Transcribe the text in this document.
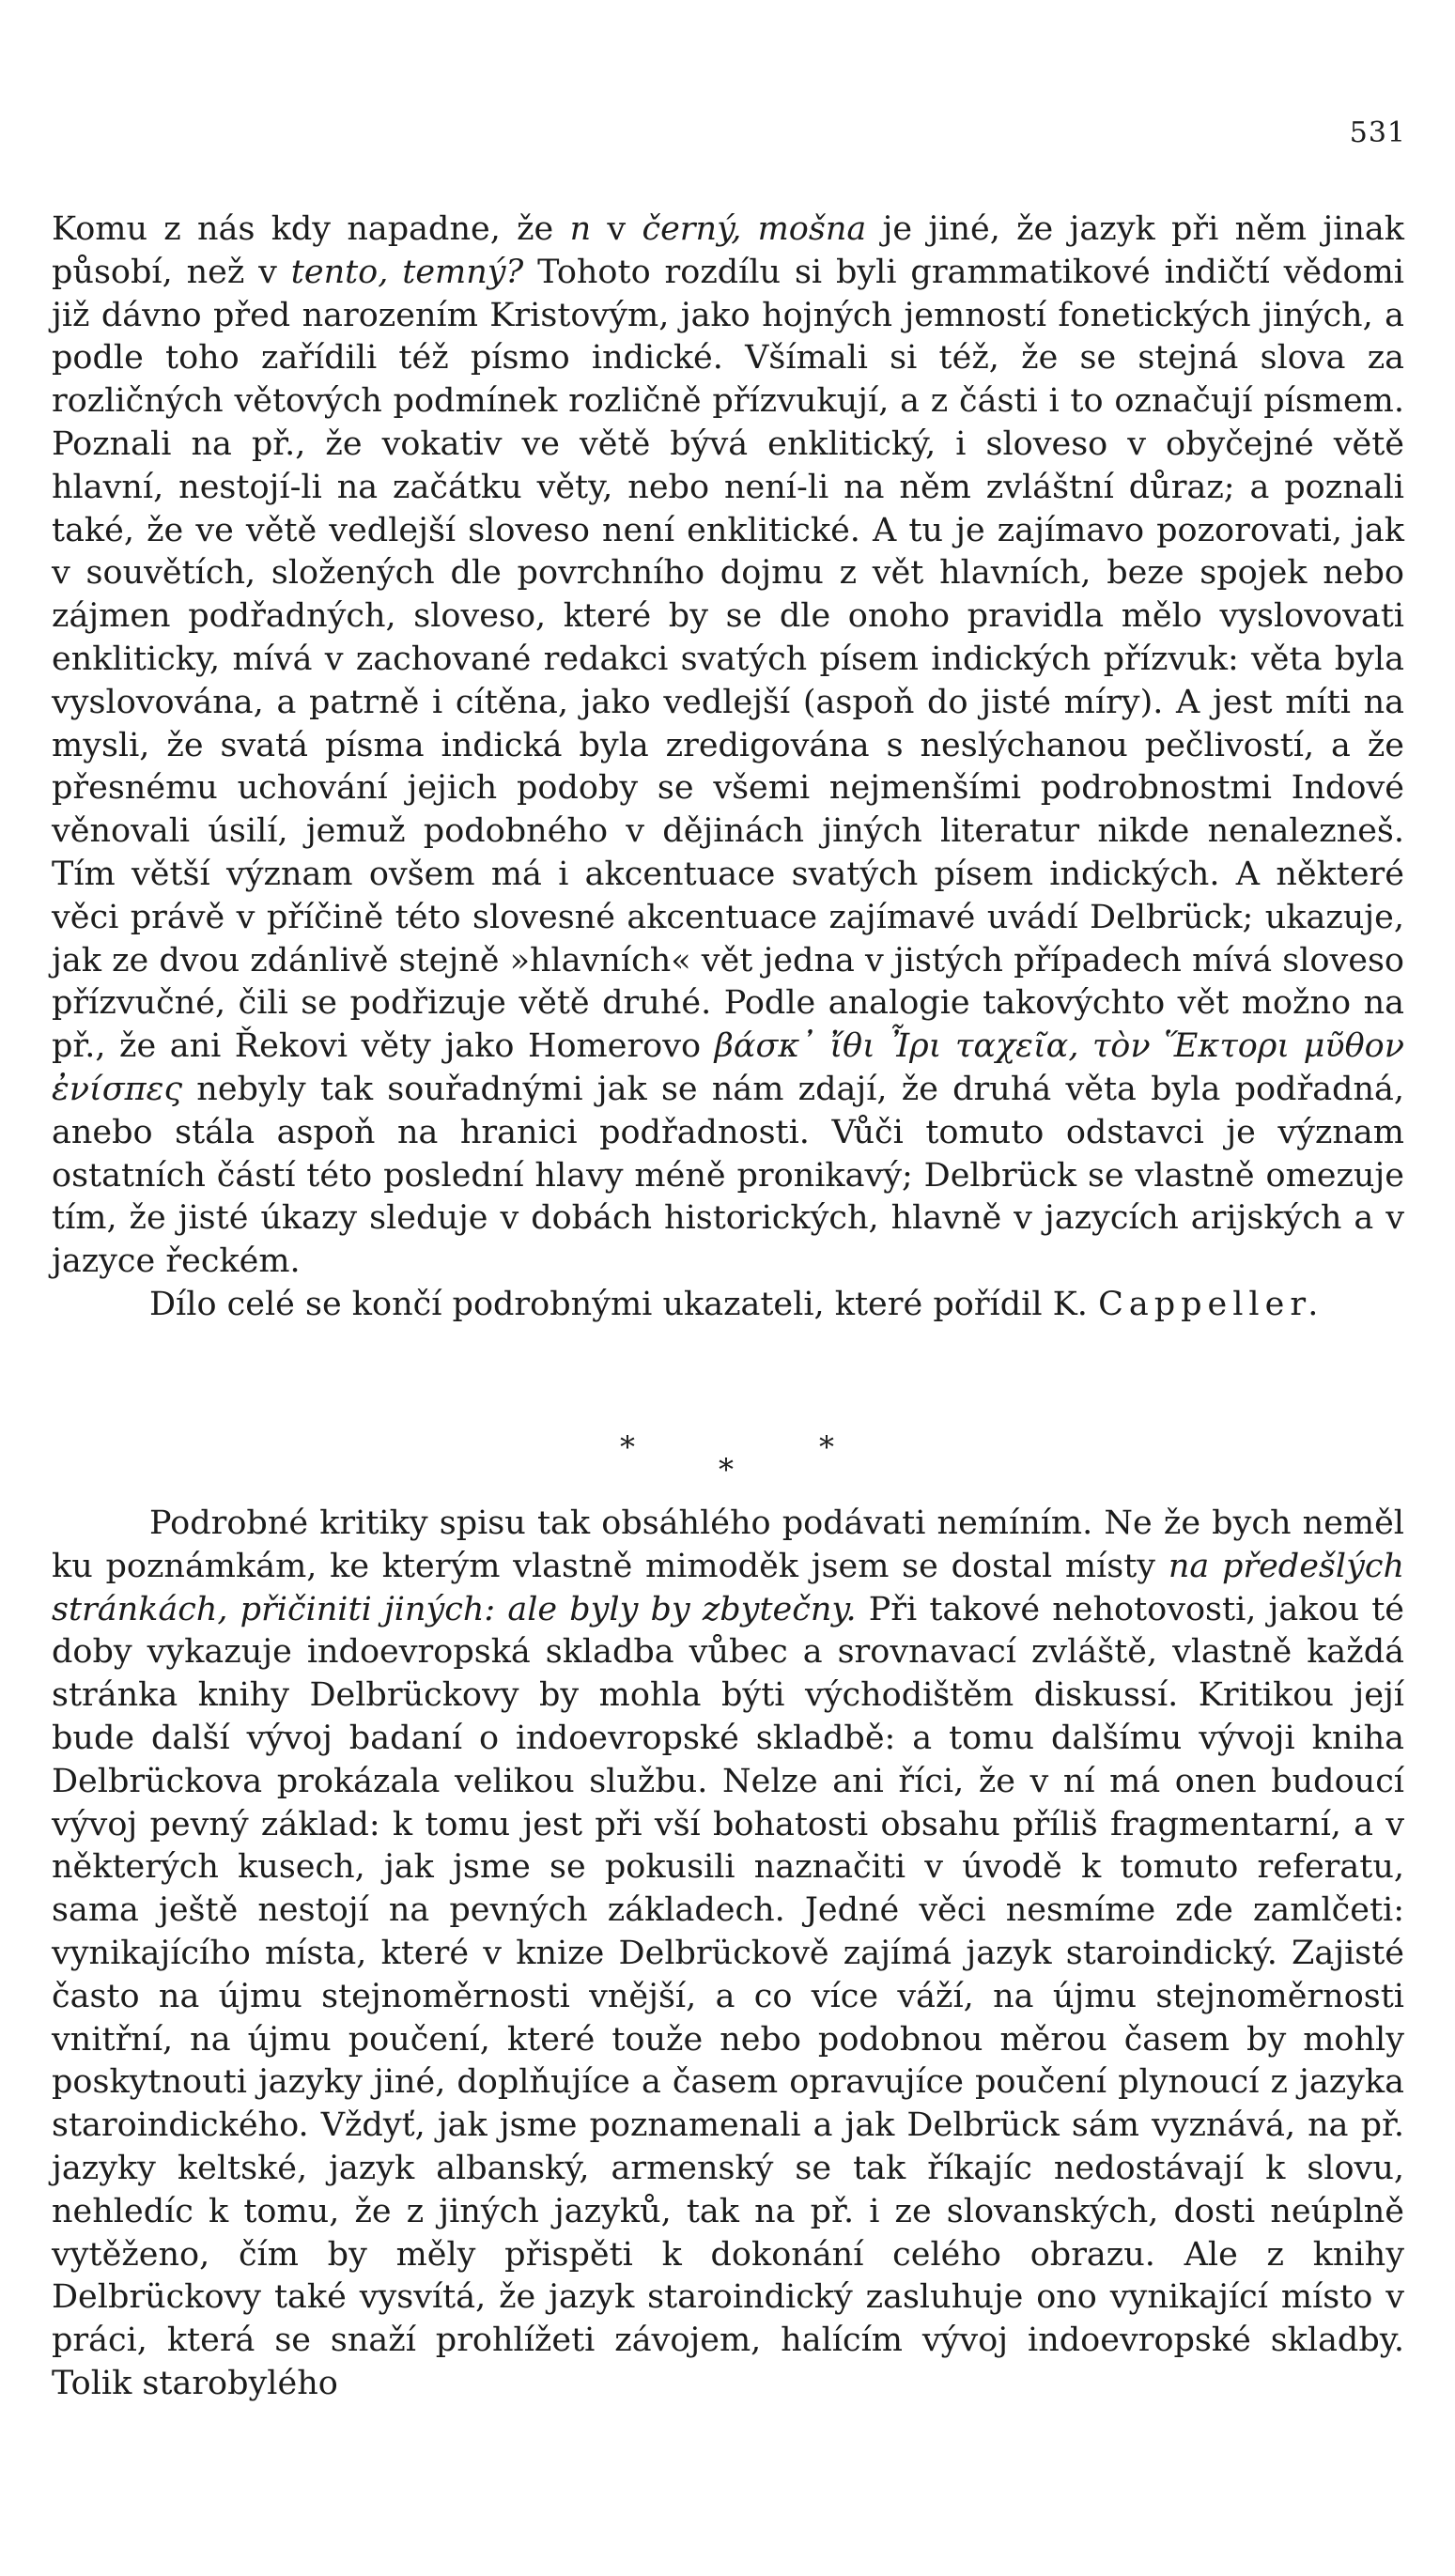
531

Komu z nás kdy napadne, že n v černý, mošna je jiné, že jazyk při něm jinak působí, než v tento, temný? Tohoto rozdílu si byli grammatikové indičtí vědomi již dávno před narozením Kristovým, jako hojných jemností fonetických jiných, a podle toho zařídili též písmo indické. Všímali si též, že se stejná slova za rozličných větových podmínek rozličně přízvukují, a z části i to označují písmem. Poznali na př., že vokativ ve větě bývá enklitický, i sloveso v obyčejné větě hlavní, nestojí-li na začátku věty, nebo není-li na něm zvláštní důraz; a poznali také, že ve větě vedlejší sloveso není enklitické. A tu je zajímavo pozorovati, jak v souvětích, složených dle povrchního dojmu z vět hlavních, beze spojek nebo zájmen podřadných, sloveso, které by se dle onoho pravidla mělo vyslovovati enkliticky, mívá v zachované redakci svatých písem indických přízvuk: věta byla vyslovována, a patrně i cítěna, jako vedlejší (aspoň do jisté míry). A jest míti na mysli, že svatá písma indická byla zredigována s neslýchanou pečlivostí, a že přesnému uchování jejich podoby se všemi nejmenšími podrobnostmi Indové věnovali úsilí, jemuž podobného v dějinách jiných literatur nikde nenalezneš. Tím větší význam ovšem má i akcentuace svatých písem indických. A některé věci právě v příčině této slovesné akcentuace zajímavé uvádí Delbrück; ukazuje, jak ze dvou zdánlivě stejně »hlavních« vět jedna v jistých případech mívá sloveso přízvučné, čili se podřizuje větě druhé. Podle analogie takovýchto vět možno na př., že ani Řekovi věty jako Homerovo βάσκ᾽ ἴθι Ἶρι ταχεῖα, τὸν Ἕκτορι μῦθον ἐνίσπες nebyly tak souřadnými jak se nám zdají, že druhá věta byla podřadná, anebo stála aspoň na hranici podřadnosti. Vůči tomuto odstavci je význam ostatních částí této poslední hlavy méně pronikavý; Delbrück se vlastně omezuje tím, že jisté úkazy sleduje v dobách historických, hlavně v jazycích arijských a v jazyce řeckém.

Dílo celé se končí podrobnými ukazateli, které pořídil K. Cappeller.

*
*
*

Podrobné kritiky spisu tak obsáhlého podávati nemíním. Ne že bych neměl ku poznámkám, ke kterým vlastně mimoděk jsem se dostal místy na předešlých stránkách, přičiniti jiných: ale byly by zbytečny. Při takové nehotovosti, jakou té doby vykazuje indoevropská skladba vůbec a srovnavací zvláště, vlastně každá stránka knihy Delbrückovy by mohla býti východištěm diskussí. Kritikou její bude další vývoj badaní o indoevropské skladbě: a tomu dalšímu vývoji kniha Delbrückova prokázala velikou službu. Nelze ani říci, že v ní má onen budoucí vývoj pevný základ: k tomu jest při vší bohatosti obsahu příliš fragmentarní, a v některých kusech, jak jsme se pokusili naznačiti v úvodě k tomuto referatu, sama ještě nestojí na pevných základech. Jedné věci nesmíme zde zamlčeti: vynikajícího místa, které v knize Delbrückově zajímá jazyk staroindický. Zajisté často na újmu stejnoměrnosti vnější, a co více váží, na újmu stejnoměrnosti vnitřní, na újmu poučení, které touže nebo podobnou měrou časem by mohly poskytnouti jazyky jiné, doplňujíce a časem opravujíce poučení plynoucí z jazyka staroindického. Vždyť, jak jsme poznamenali a jak Delbrück sám vyznává, na př. jazyky keltské, jazyk albanský, armenský se tak říkajíc nedostávají k slovu, nehledíc k tomu, že z jiných jazyků, tak na př. i ze slovanských, dosti neúplně vytěženo, čím by měly přispěti k dokonání celého obrazu. Ale z knihy Delbrückovy také vysvítá, že jazyk staroindický zasluhuje ono vynikající místo v práci, která se snaží prohlížeti závojem, halícím vývoj indoevropské skladby. Tolik starobylého
